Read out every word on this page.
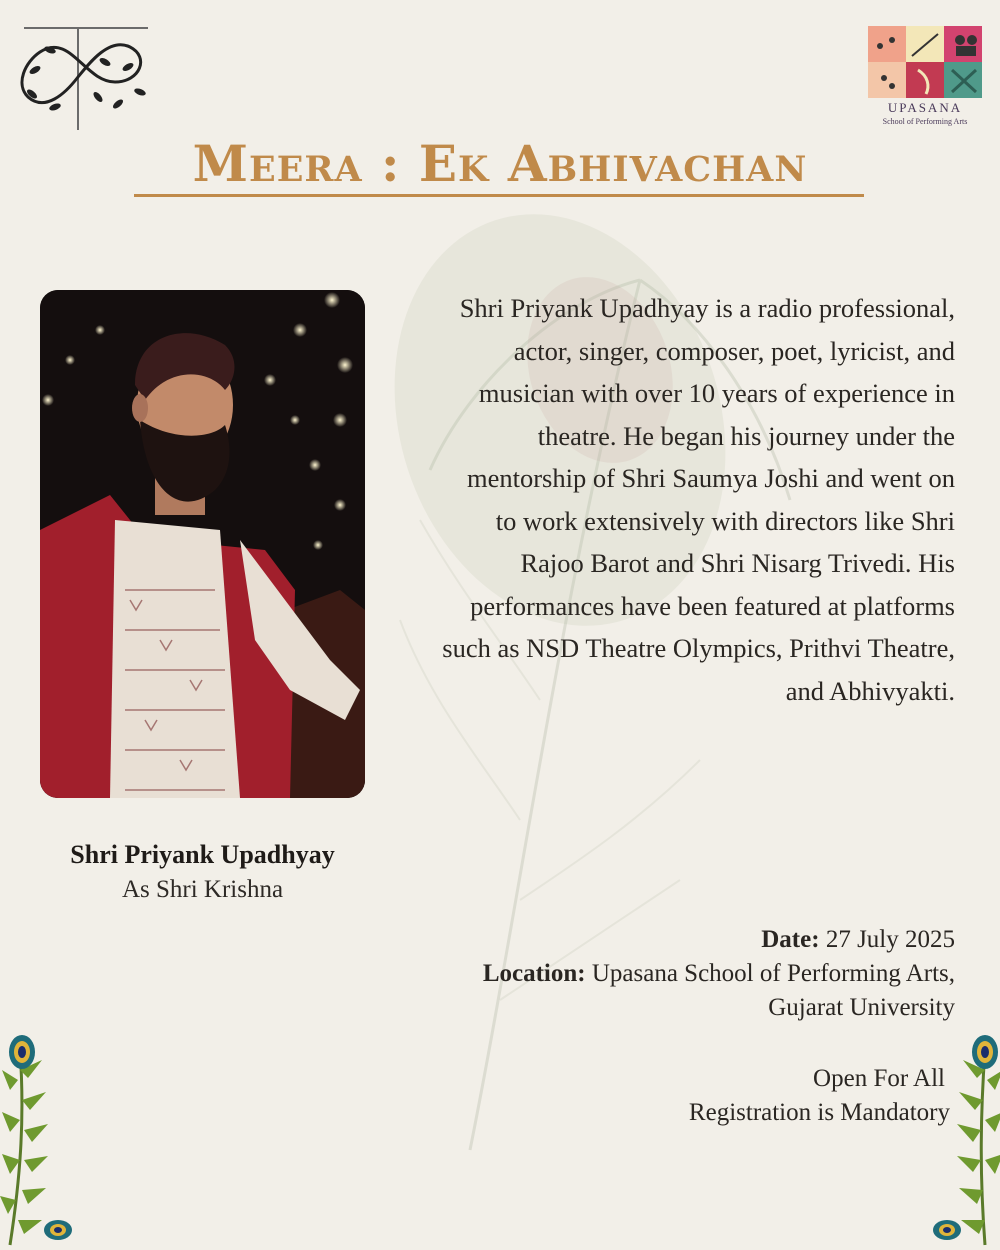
UPASANA
School of Performing Arts
Meera : Ek Abhivachan
Shri Priyank Upadhyay
As Shri Krishna
Shri Priyank Upadhyay is a radio professional, actor, singer, composer, poet, lyricist, and musician with over 10 years of experience in theatre. He began his journey under the mentorship of Shri Saumya Joshi and went on to work extensively with directors like Shri Rajoo Barot and Shri Nisarg Trivedi. His performances have been featured at platforms such as NSD Theatre Olympics, Prithvi Theatre, and Abhivyakti.
Date: 27 July 2025
Location: Upasana School of Performing Arts, Gujarat University
Open For All
Registration is Mandatory
